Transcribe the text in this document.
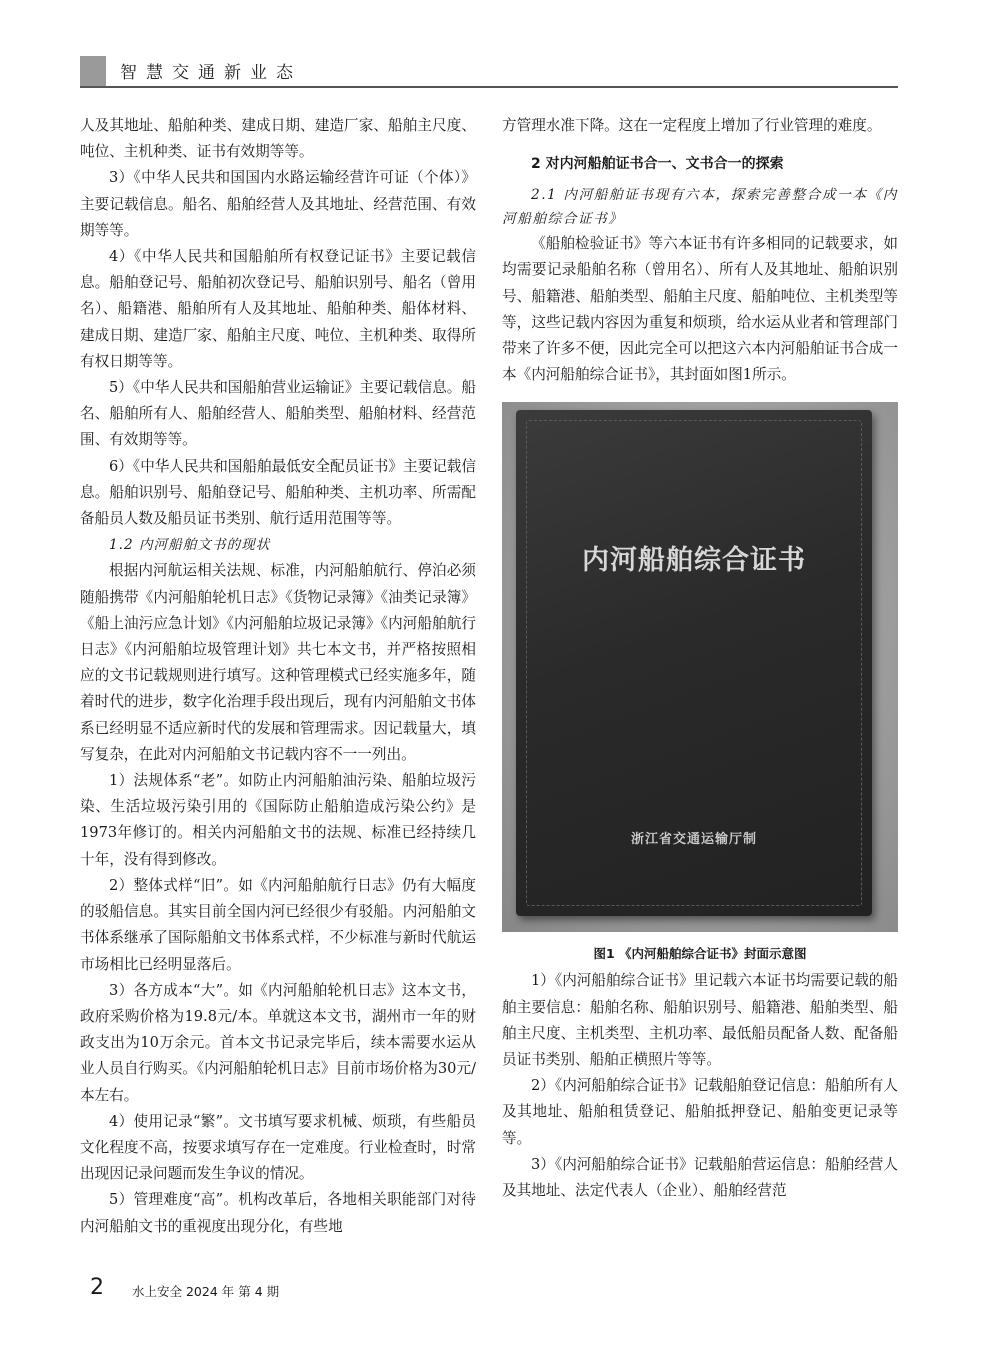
智慧交通新业态

人及其地址、船舶种类、建成日期、建造厂家、船舶主尺度、吨位、主机种类、证书有效期等等。

3）《中华人民共和国国内水路运输经营许可证（个体）》主要记载信息。船名、船舶经营人及其地址、经营范围、有效期等等。

4）《中华人民共和国船舶所有权登记证书》主要记载信息。船舶登记号、船舶初次登记号、船舶识别号、船名（曾用名）、船籍港、船舶所有人及其地址、船舶种类、船体材料、建成日期、建造厂家、船舶主尺度、吨位、主机种类、取得所有权日期等等。

5）《中华人民共和国船舶营业运输证》主要记载信息。船名、船舶所有人、船舶经营人、船舶类型、船舶材料、经营范围、有效期等等。

6）《中华人民共和国船舶最低安全配员证书》主要记载信息。船舶识别号、船舶登记号、船舶种类、主机功率、所需配备船员人数及船员证书类别、航行适用范围等等。

1.2 内河船舶文书的现状

根据内河航运相关法规、标准，内河船舶航行、停泊必须随船携带《内河船舶轮机日志》《货物记录簿》《油类记录簿》《船上油污应急计划》《内河船舶垃圾记录簿》《内河船舶航行日志》《内河船舶垃圾管理计划》共七本文书，并严格按照相应的文书记载规则进行填写。这种管理模式已经实施多年，随着时代的进步，数字化治理手段出现后，现有内河船舶文书体系已经明显不适应新时代的发展和管理需求。因记载量大，填写复杂，在此对内河船舶文书记载内容不一一列出。

1）法规体系“老”。如防止内河船舶油污染、船舶垃圾污染、生活垃圾污染引用的《国际防止船舶造成污染公约》是1973年修订的。相关内河船舶文书的法规、标准已经持续几十年，没有得到修改。

2）整体式样“旧”。如《内河船舶航行日志》仍有大幅度的驳船信息。其实目前全国内河已经很少有驳船。内河船舶文书体系继承了国际船舶文书体系式样，不少标准与新时代航运市场相比已经明显落后。

3）各方成本“大”。如《内河船舶轮机日志》这本文书，政府采购价格为19.8元/本。单就这本文书，湖州市一年的财政支出为10万余元。首本文书记录完毕后，续本需要水运从业人员自行购买。《内河船舶轮机日志》目前市场价格为30元/本左右。

4）使用记录“繁”。文书填写要求机械、烦琐，有些船员文化程度不高，按要求填写存在一定难度。行业检查时，时常出现因记录问题而发生争议的情况。

5）管理难度“高”。机构改革后，各地相关职能部门对待内河船舶文书的重视度出现分化，有些地

方管理水准下降。这在一定程度上增加了行业管理的难度。

2 对内河船舶证书合一、文书合一的探索

2.1 内河船舶证书现有六本，探索完善整合成一本《内河船舶综合证书》

《船舶检验证书》等六本证书有许多相同的记载要求，如均需要记录船舶名称（曾用名）、所有人及其地址、船舶识别号、船籍港、船舶类型、船舶主尺度、船舶吨位、主机类型等等，这些记载内容因为重复和烦琐，给水运从业者和管理部门带来了许多不便，因此完全可以把这六本内河船舶证书合成一本《内河船舶综合证书》，其封面如图1所示。

内河船舶综合证书
浙江省交通运输厅制
图1 《内河船舶综合证书》封面示意图

1）《内河船舶综合证书》里记载六本证书均需要记载的船舶主要信息：船舶名称、船舶识别号、船籍港、船舶类型、船舶主尺度、主机类型、主机功率、最低船员配备人数、配备船员证书类别、船舶正横照片等等。

2）《内河船舶综合证书》记载船舶登记信息：船舶所有人及其地址、船舶租赁登记、船舶抵押登记、船舶变更记录等等。

3）《内河船舶综合证书》记载船舶营运信息：船舶经营人及其地址、法定代表人（企业）、船舶经营范

2 水上安全 2024 年 第 4 期
